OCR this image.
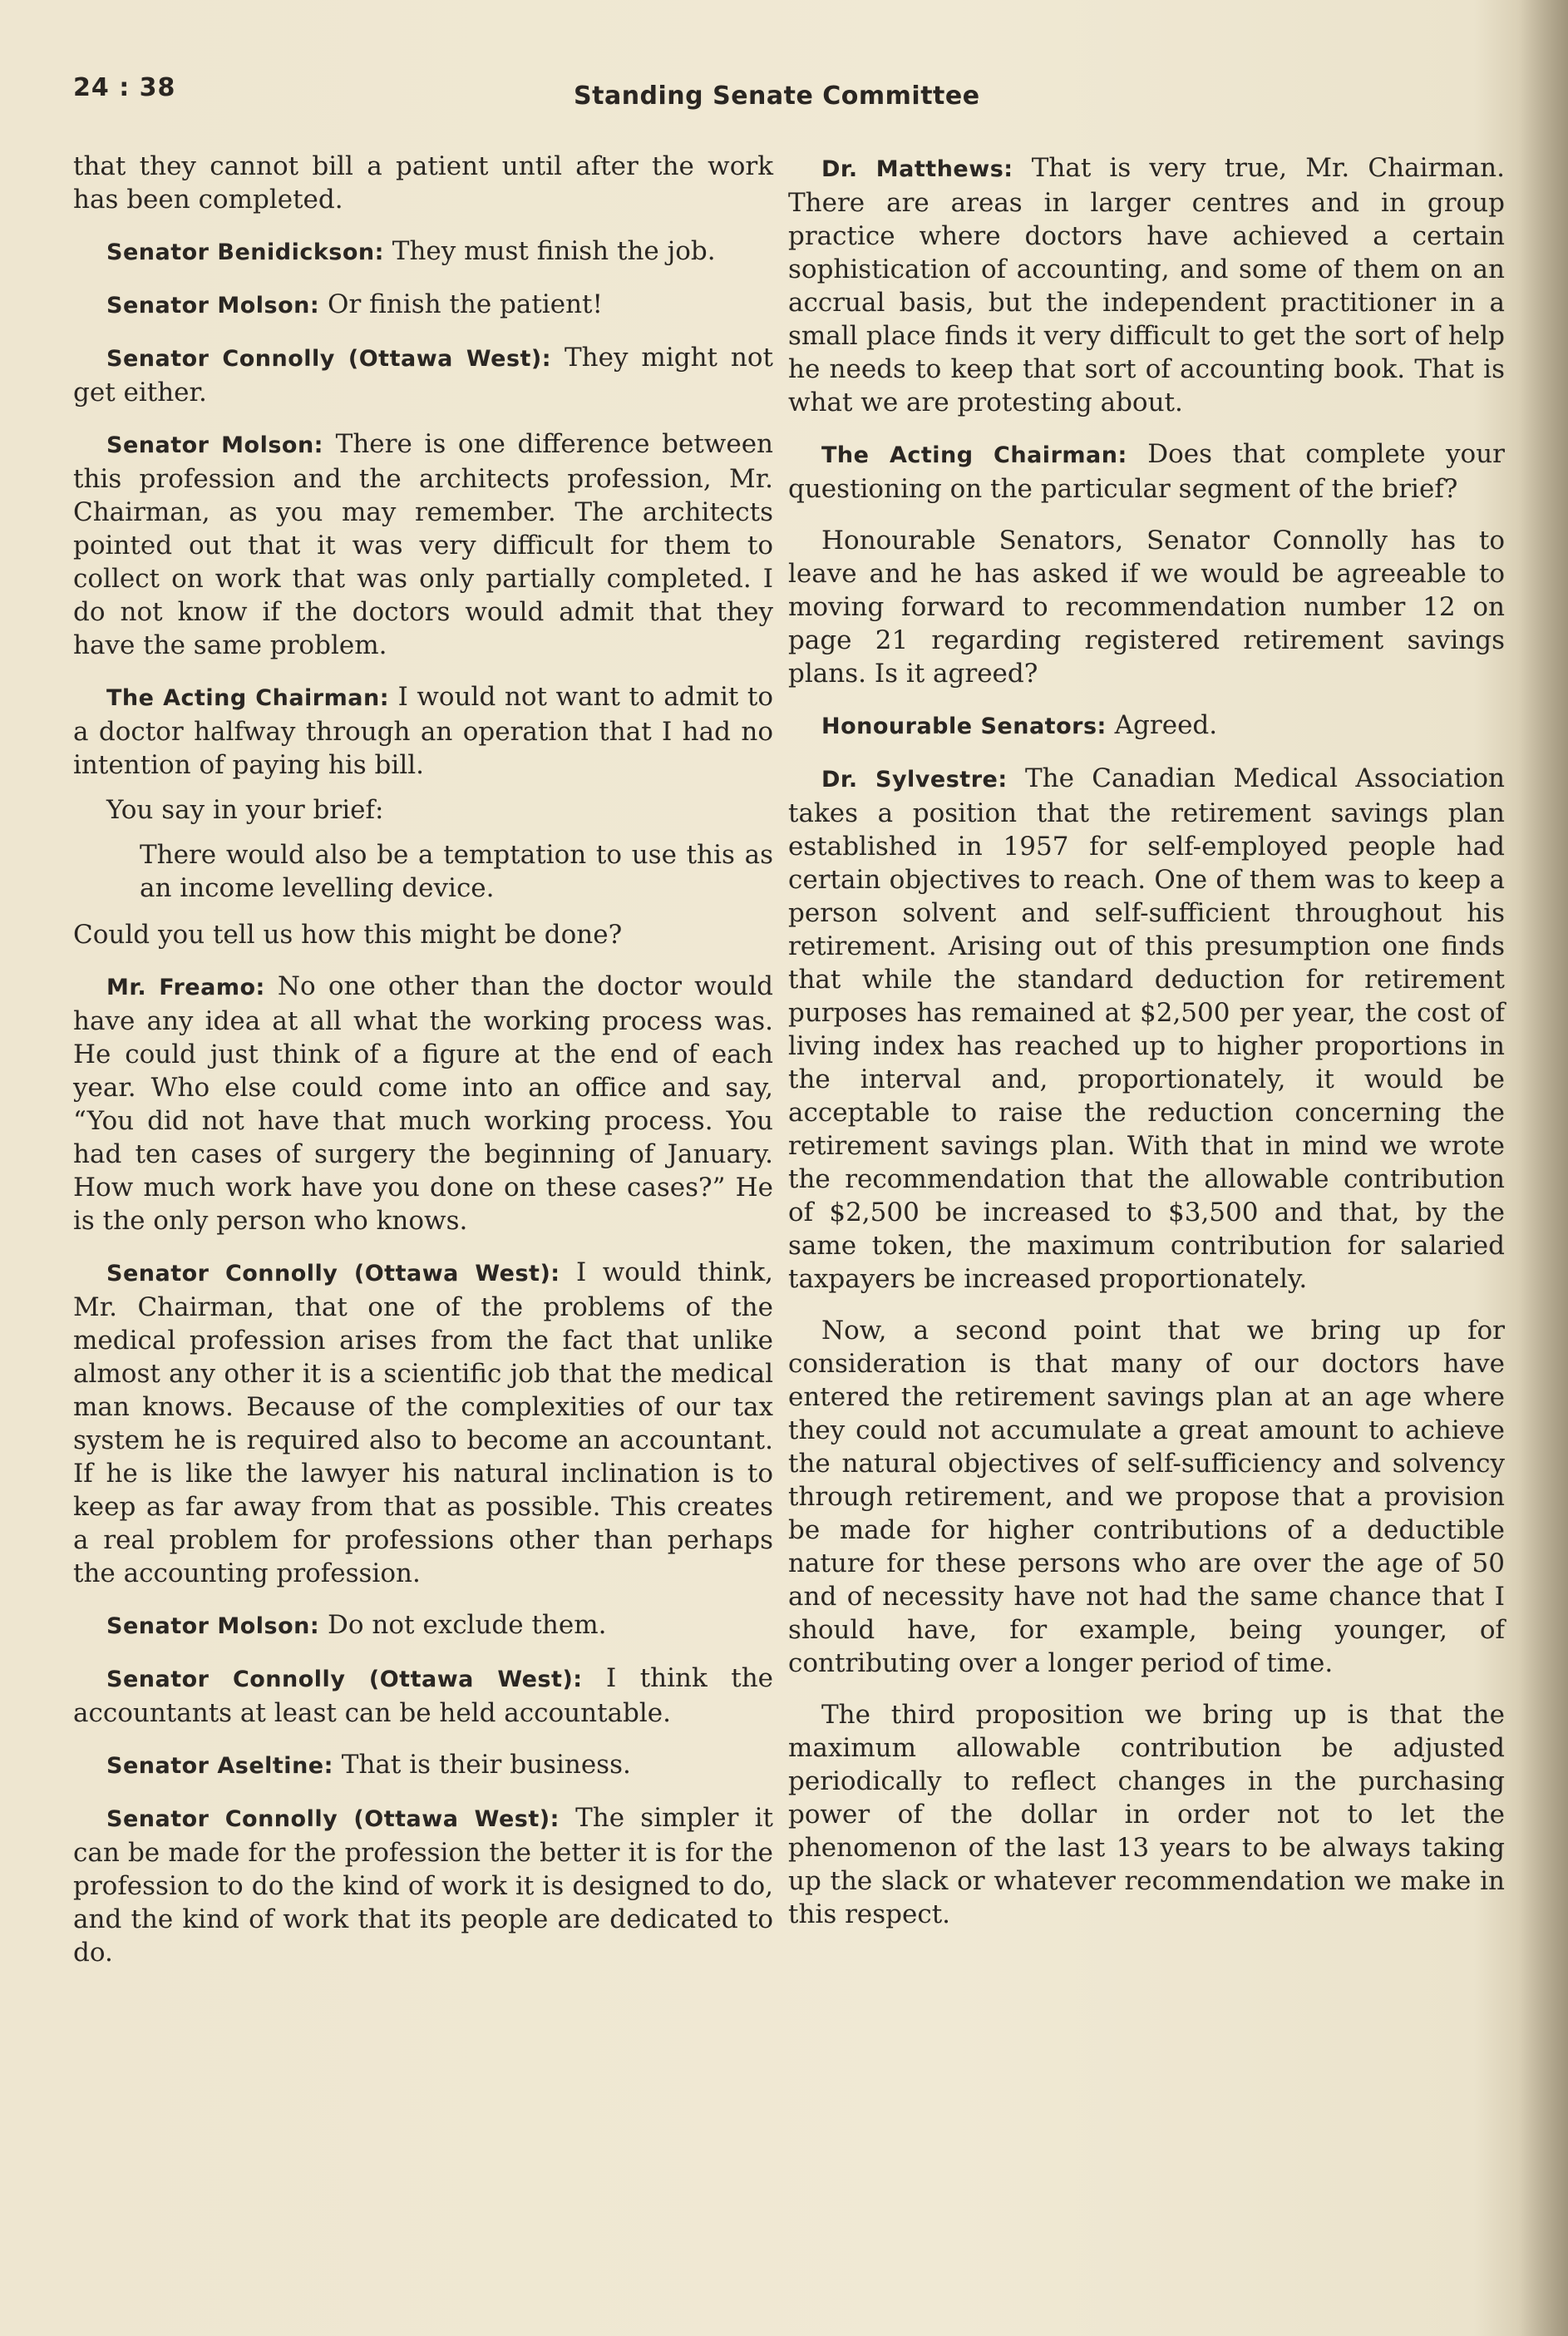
24 : 38	Standing Senate Committee

that they cannot bill a patient until after the work has been completed.

Senator Benidickson: They must finish the job.

Senator Molson: Or finish the patient!

Senator Connolly (Ottawa West): They might not get either.

Senator Molson: There is one difference between this profession and the architects profession, Mr. Chairman, as you may remember. The architects pointed out that it was very difficult for them to collect on work that was only partially completed. I do not know if the doctors would admit that they have the same problem.

The Acting Chairman: I would not want to admit to a doctor halfway through an operation that I had no intention of paying his bill.

You say in your brief:

There would also be a temptation to use this as an income levelling device.

Could you tell us how this might be done?

Mr. Freamo: No one other than the doctor would have any idea at all what the working process was. He could just think of a figure at the end of each year. Who else could come into an office and say, “You did not have that much working process. You had ten cases of surgery the beginning of January. How much work have you done on these cases?” He is the only person who knows.

Senator Connolly (Ottawa West): I would think, Mr. Chairman, that one of the problems of the medical profession arises from the fact that unlike almost any other it is a scientific job that the medical man knows. Because of the complexities of our tax system he is required also to become an accountant. If he is like the lawyer his natural inclination is to keep as far away from that as possible. This creates a real problem for professions other than perhaps the accounting profession.

Senator Molson: Do not exclude them.

Senator Connolly (Ottawa West): I think the accountants at least can be held accountable.

Senator Aseltine: That is their business.

Senator Connolly (Ottawa West): The simpler it can be made for the profession the better it is for the profession to do the kind of work it is designed to do, and the kind of work that its people are dedicated to do.

Dr. Matthews: That is very true, Mr. Chairman. There are areas in larger centres and in group practice where doctors have achieved a certain sophistication of accounting, and some of them on an accrual basis, but the independent practitioner in a small place finds it very difficult to get the sort of help he needs to keep that sort of accounting book. That is what we are protesting about.

The Acting Chairman: Does that complete your questioning on the particular segment of the brief?

Honourable Senators, Senator Connolly has to leave and he has asked if we would be agreeable to moving forward to recommendation number 12 on page 21 regarding registered retirement savings plans. Is it agreed?

Honourable Senators: Agreed.

Dr. Sylvestre: The Canadian Medical Association takes a position that the retirement savings plan established in 1957 for self-employed people had certain objectives to reach. One of them was to keep a person solvent and self-sufficient throughout his retirement. Arising out of this presumption one finds that while the standard deduction for retirement purposes has remained at $2,500 per year, the cost of living index has reached up to higher proportions in the interval and, proportionately, it would be acceptable to raise the reduction concerning the retirement savings plan. With that in mind we wrote the recommendation that the allowable contribution of $2,500 be increased to $3,500 and that, by the same token, the maximum contribution for salaried taxpayers be increased proportionately.

Now, a second point that we bring up for consideration is that many of our doctors have entered the retirement savings plan at an age where they could not accumulate a great amount to achieve the natural objectives of self-sufficiency and solvency through retirement, and we propose that a provision be made for higher contributions of a deductible nature for these persons who are over the age of 50 and of necessity have not had the same chance that I should have, for example, being younger, of contributing over a longer period of time.

The third proposition we bring up is that the maximum allowable contribution be adjusted periodically to reflect changes in the purchasing power of the dollar in order not to let the phenomenon of the last 13 years to be always taking up the slack or whatever recommendation we make in this respect.
